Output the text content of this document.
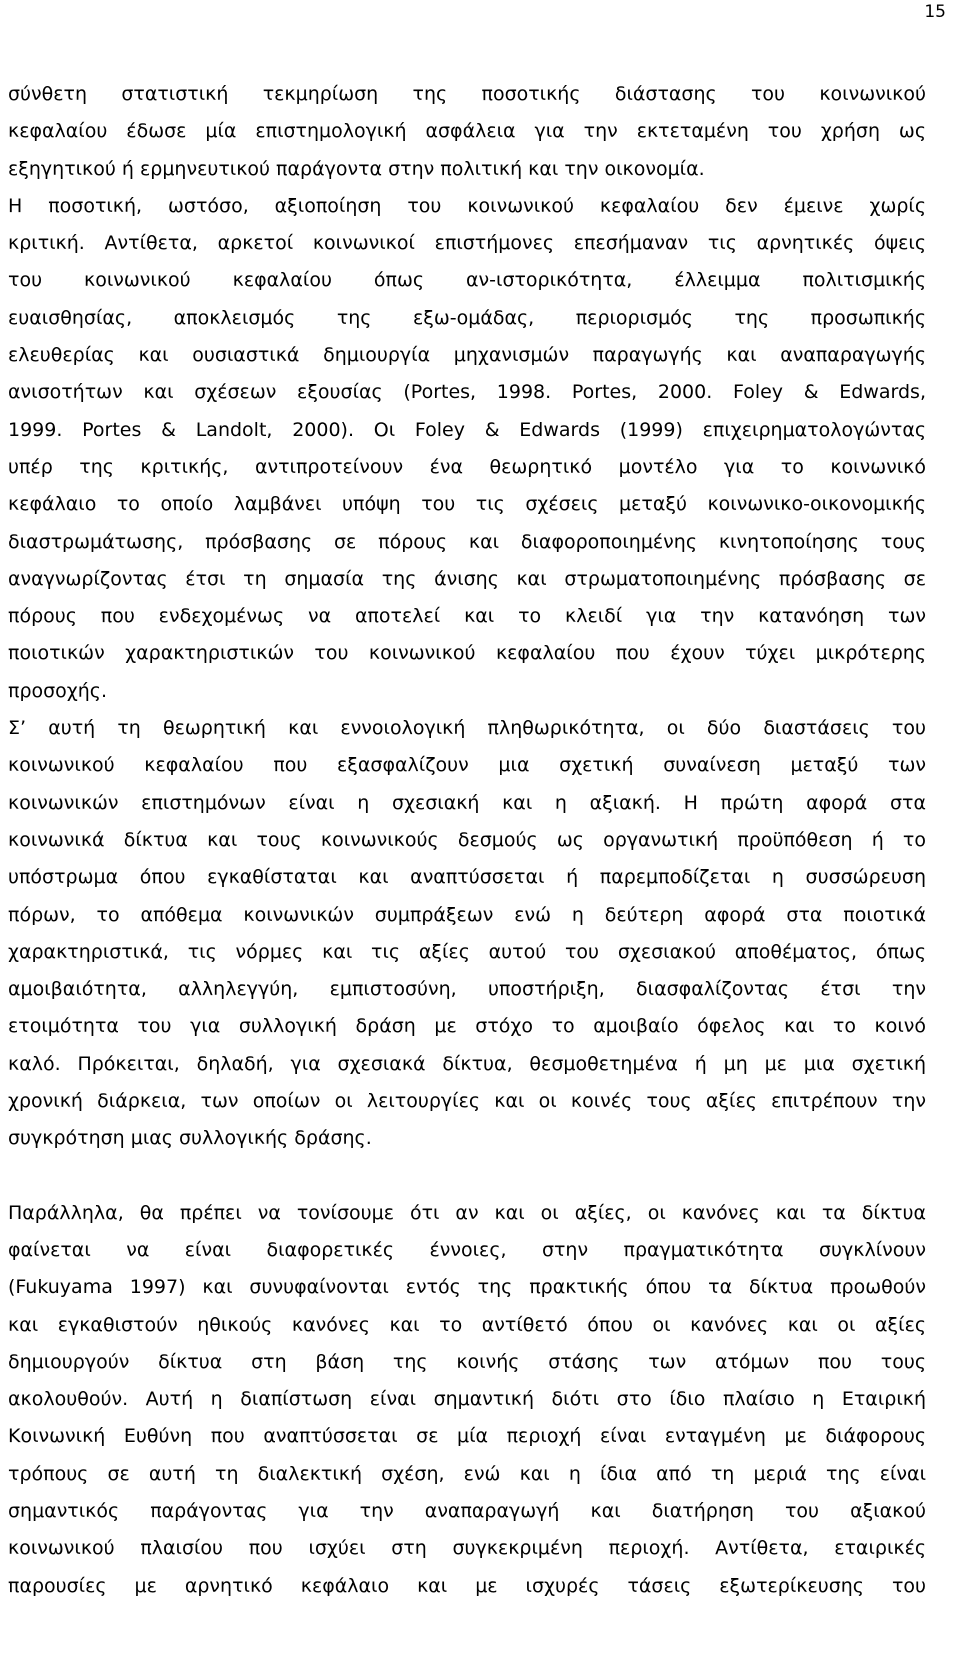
15
σύνθετη στατιστική τεκμηρίωση της ποσοτικής διάστασης του κοινωνικού
κεφαλαίου έδωσε μία επιστημολογική ασφάλεια για την εκτεταμένη του χρήση ως
εξηγητικού ή ερμηνευτικού παράγοντα στην πολιτική και την οικονομία.
Η ποσοτική, ωστόσο, αξιοποίηση του κοινωνικού κεφαλαίου δεν έμεινε χωρίς
κριτική. Αντίθετα, αρκετοί κοινωνικοί επιστήμονες επεσήμαναν τις αρνητικές όψεις
του κοινωνικού κεφαλαίου όπως αν-ιστορικότητα, έλλειμμα πολιτισμικής
ευαισθησίας, αποκλεισμός της εξω-ομάδας, περιορισμός της προσωπικής
ελευθερίας και ουσιαστικά δημιουργία μηχανισμών παραγωγής και αναπαραγωγής
ανισοτήτων και σχέσεων εξουσίας (Portes, 1998. Portes, 2000. Foley & Edwards,
1999. Portes & Landolt, 2000). Οι Foley & Edwards (1999) επιχειρηματολογώντας
υπέρ της κριτικής, αντιπροτείνουν ένα θεωρητικό μοντέλο για το κοινωνικό
κεφάλαιο το οποίο λαμβάνει υπόψη του τις σχέσεις μεταξύ κοινωνικο-οικονομικής
διαστρωμάτωσης, πρόσβασης σε πόρους και διαφοροποιημένης κινητοποίησης τους
αναγνωρίζοντας έτσι τη σημασία της άνισης και στρωματοποιημένης πρόσβασης σε
πόρους που ενδεχομένως να αποτελεί και το κλειδί για την κατανόηση των
ποιοτικών χαρακτηριστικών του κοινωνικού κεφαλαίου που έχουν τύχει μικρότερης
προσοχής.
Σ’ αυτή τη θεωρητική και εννοιολογική πληθωρικότητα, οι δύο διαστάσεις του
κοινωνικού κεφαλαίου που εξασφαλίζουν μια σχετική συναίνεση μεταξύ των
κοινωνικών επιστημόνων είναι η σχεσιακή και η αξιακή. Η πρώτη αφορά στα
κοινωνικά δίκτυα και τους κοινωνικούς δεσμούς ως οργανωτική προϋπόθεση ή το
υπόστρωμα όπου εγκαθίσταται και αναπτύσσεται ή παρεμποδίζεται η συσσώρευση
πόρων, το απόθεμα κοινωνικών συμπράξεων ενώ η δεύτερη αφορά στα ποιοτικά
χαρακτηριστικά, τις νόρμες και τις αξίες αυτού του σχεσιακού αποθέματος, όπως
αμοιβαιότητα, αλληλεγγύη, εμπιστοσύνη, υποστήριξη, διασφαλίζοντας έτσι την
ετοιμότητα του για συλλογική δράση με στόχο το αμοιβαίο όφελος και το κοινό
καλό. Πρόκειται, δηλαδή, για σχεσιακά δίκτυα, θεσμοθετημένα ή μη με μια σχετική
χρονική διάρκεια, των οποίων οι λειτουργίες και οι κοινές τους αξίες επιτρέπουν την
συγκρότηση μιας συλλογικής δράσης.
Παράλληλα, θα πρέπει να τονίσουμε ότι αν και οι αξίες, οι κανόνες και τα δίκτυα
φαίνεται να είναι διαφορετικές έννοιες, στην πραγματικότητα συγκλίνουν
(Fukuyama 1997) και συνυφαίνονται εντός της πρακτικής όπου τα δίκτυα προωθούν
και εγκαθιστούν ηθικούς κανόνες και το αντίθετό όπου οι κανόνες και οι αξίες
δημιουργούν δίκτυα στη βάση της κοινής στάσης των ατόμων που τους
ακολουθούν. Αυτή η διαπίστωση είναι σημαντική διότι στο ίδιο πλαίσιο η Εταιρική
Κοινωνική Ευθύνη που αναπτύσσεται σε μία περιοχή είναι ενταγμένη με διάφορους
τρόπους σε αυτή τη διαλεκτική σχέση, ενώ και η ίδια από τη μεριά της είναι
σημαντικός παράγοντας για την αναπαραγωγή και διατήρηση του αξιακού
κοινωνικού πλαισίου που ισχύει στη συγκεκριμένη περιοχή. Αντίθετα, εταιρικές
παρουσίες με αρνητικό κεφάλαιο και με ισχυρές τάσεις εξωτερίκευσης του
